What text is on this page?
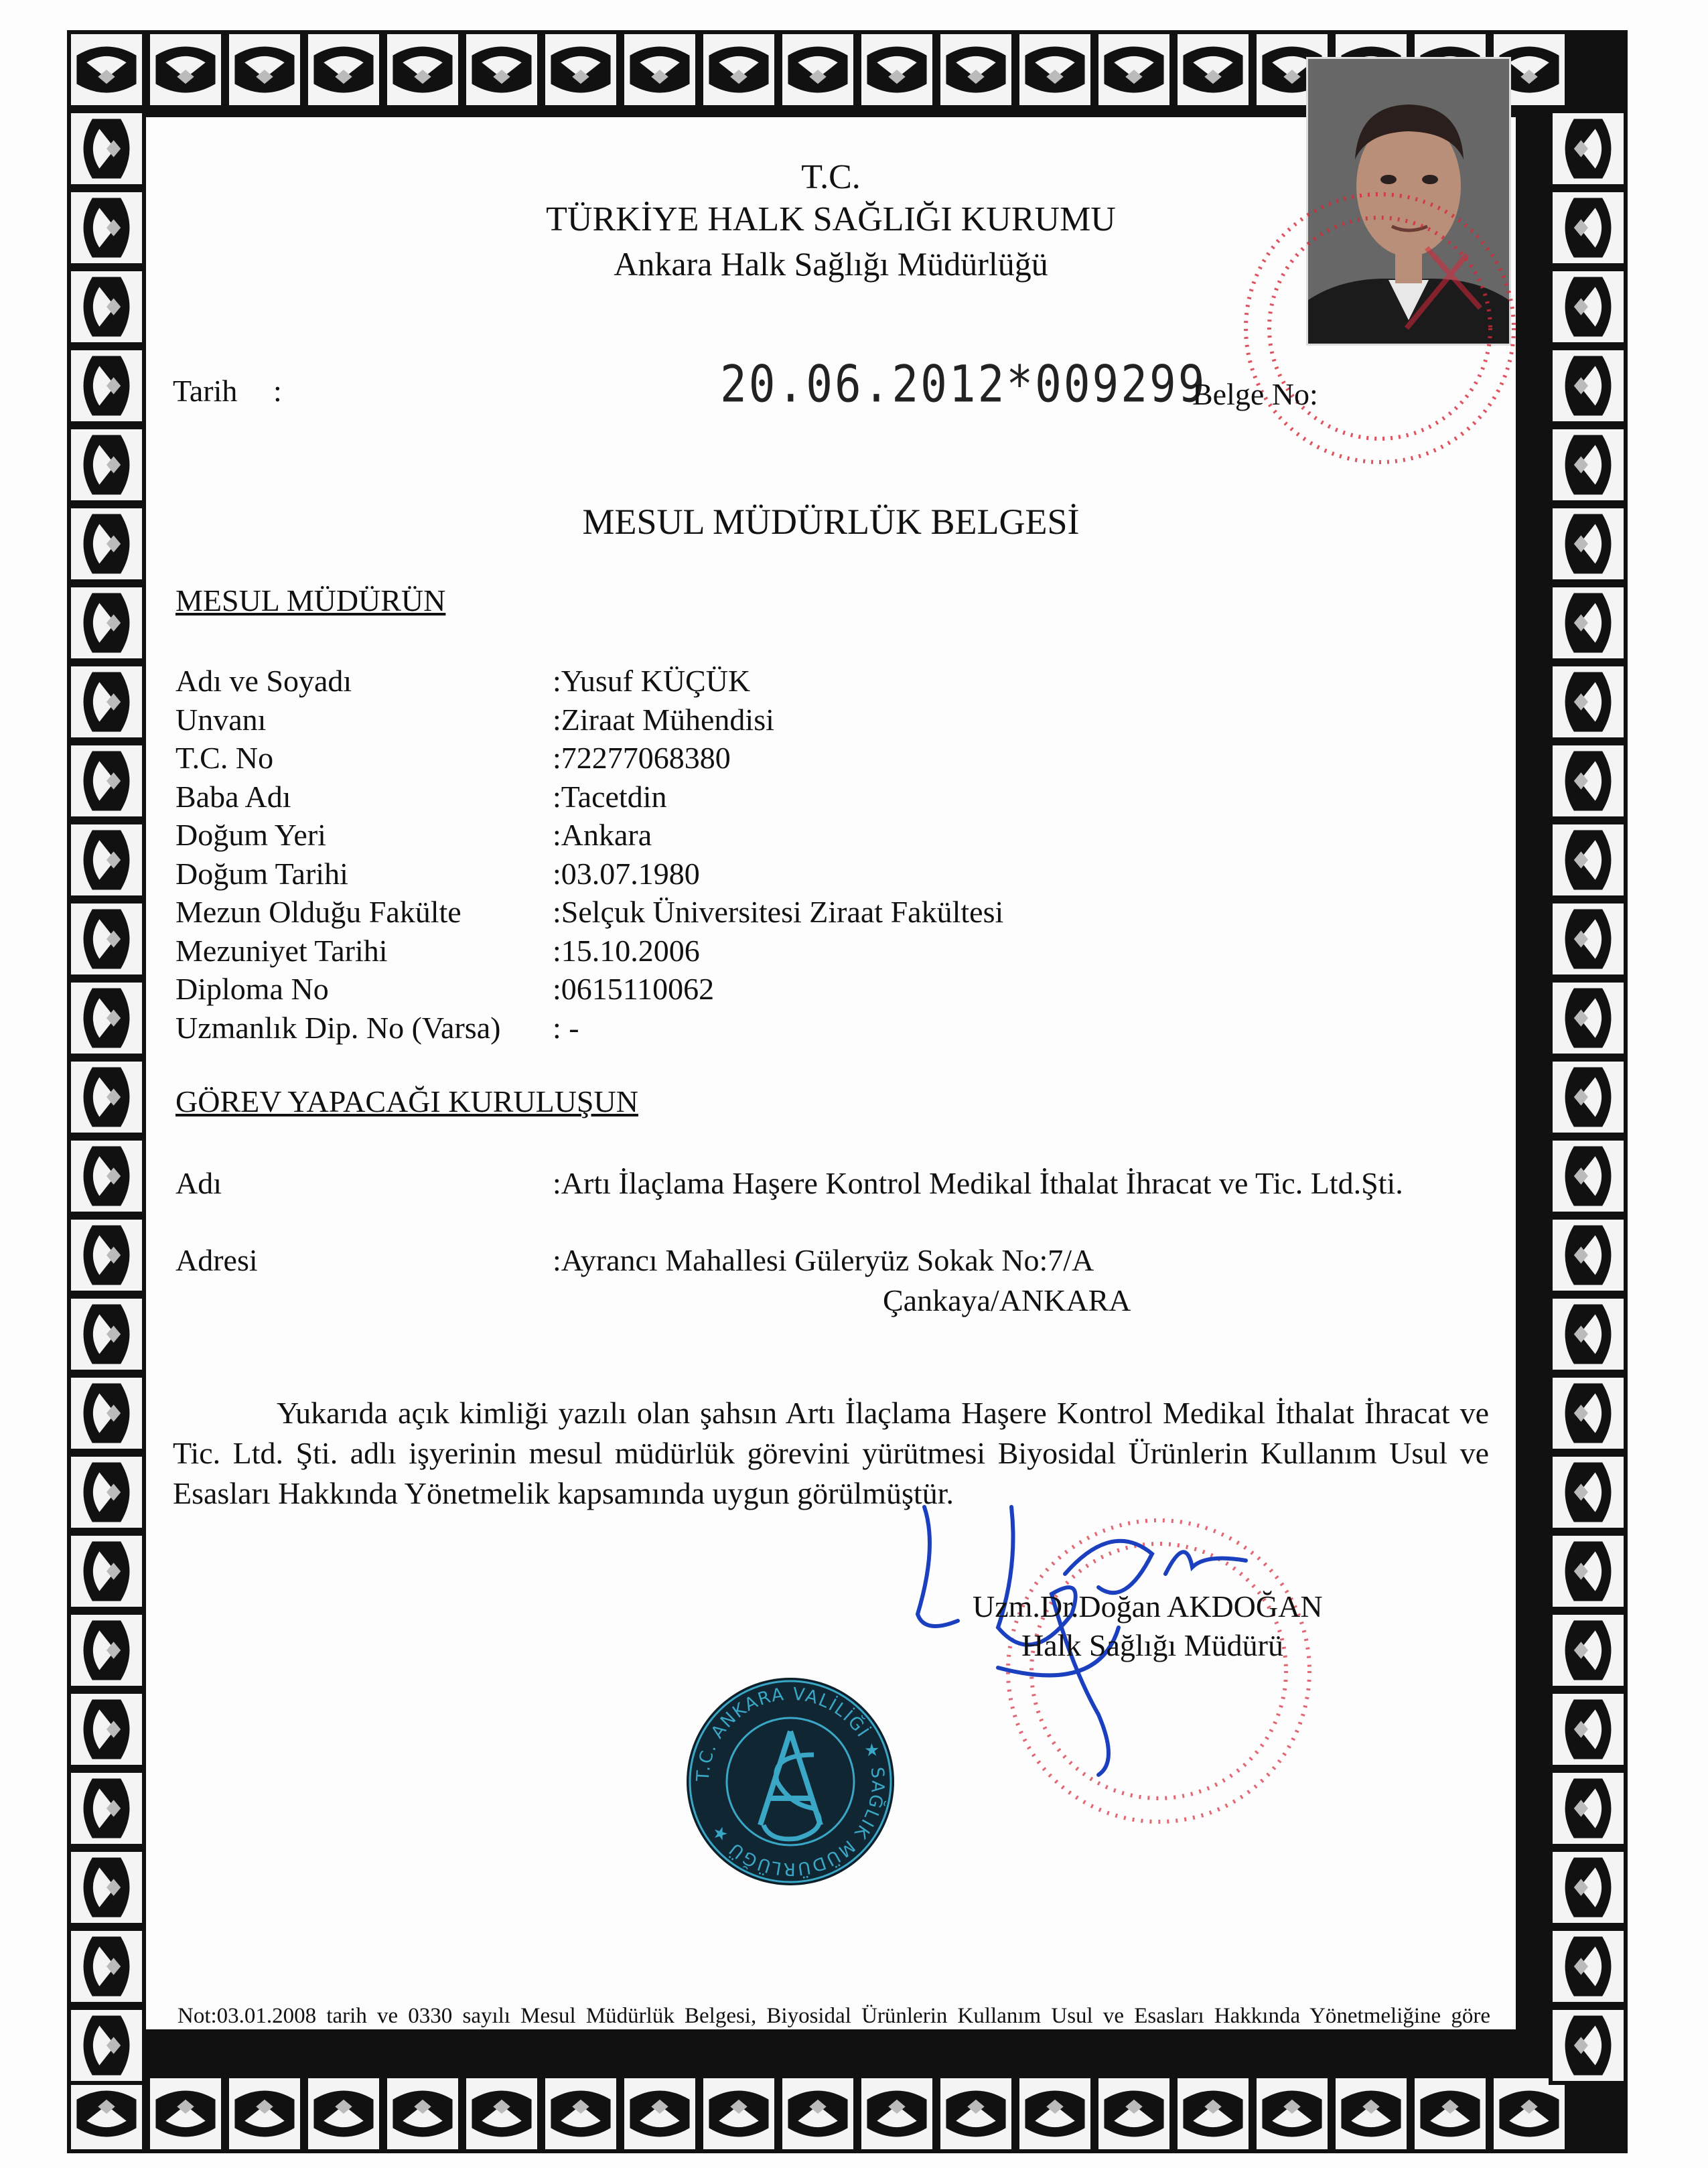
T.C.
TÜRKİYE HALK SAĞLIĞI KURUMU
Ankara Halk Sağlığı Müdürlüğü
Tarih :	20.06.2012*009299
Belge No:
MESUL MÜDÜRLÜK BELGESİ
MESUL MÜDÜRÜN
Adı ve Soyadı	:Yusuf KÜÇÜK
Unvanı	:Ziraat Mühendisi
T.C. No	:72277068380
Baba Adı	:Tacetdin
Doğum Yeri	:Ankara
Doğum Tarihi	:03.07.1980
Mezun Olduğu Fakülte	:Selçuk Üniversitesi Ziraat Fakültesi
Mezuniyet Tarihi	:15.10.2006
Diploma No	:0615110062
Uzmanlık Dip. No (Varsa) : -
GÖREV YAPACAĞI KURULUŞUN
Adı	:Artı İlaçlama Haşere Kontrol Medikal İthalat İhracat ve Tic. Ltd.Şti.
Adresi	:Ayrancı Mahallesi Güleryüz Sokak No:7/A
Çankaya/ANKARA
Yukarıda açık kimliği yazılı olan şahsın Artı İlaçlama Haşere Kontrol Medikal İthalat İhracat ve Tic. Ltd. Şti. adlı işyerinin mesul müdürlük görevini yürütmesi Biyosidal Ürünlerin Kullanım Usul ve Esasları Hakkında Yönetmelik kapsamında uygun görülmüştür.
Uzm.Dr.Doğan AKDOĞAN
Halk Sağlığı Müdürü
T.C. ANKARA VALİLİĞİ ★ SAĞLIK MÜDÜRLÜĞÜ ★
Not:03.01.2008 tarih ve 0330 sayılı Mesul Müdürlük Belgesi, Biyosidal Ürünlerin Kullanım Usul ve Esasları Hakkında Yönetmeliğine göre yeniden düzenlenmiştir.
